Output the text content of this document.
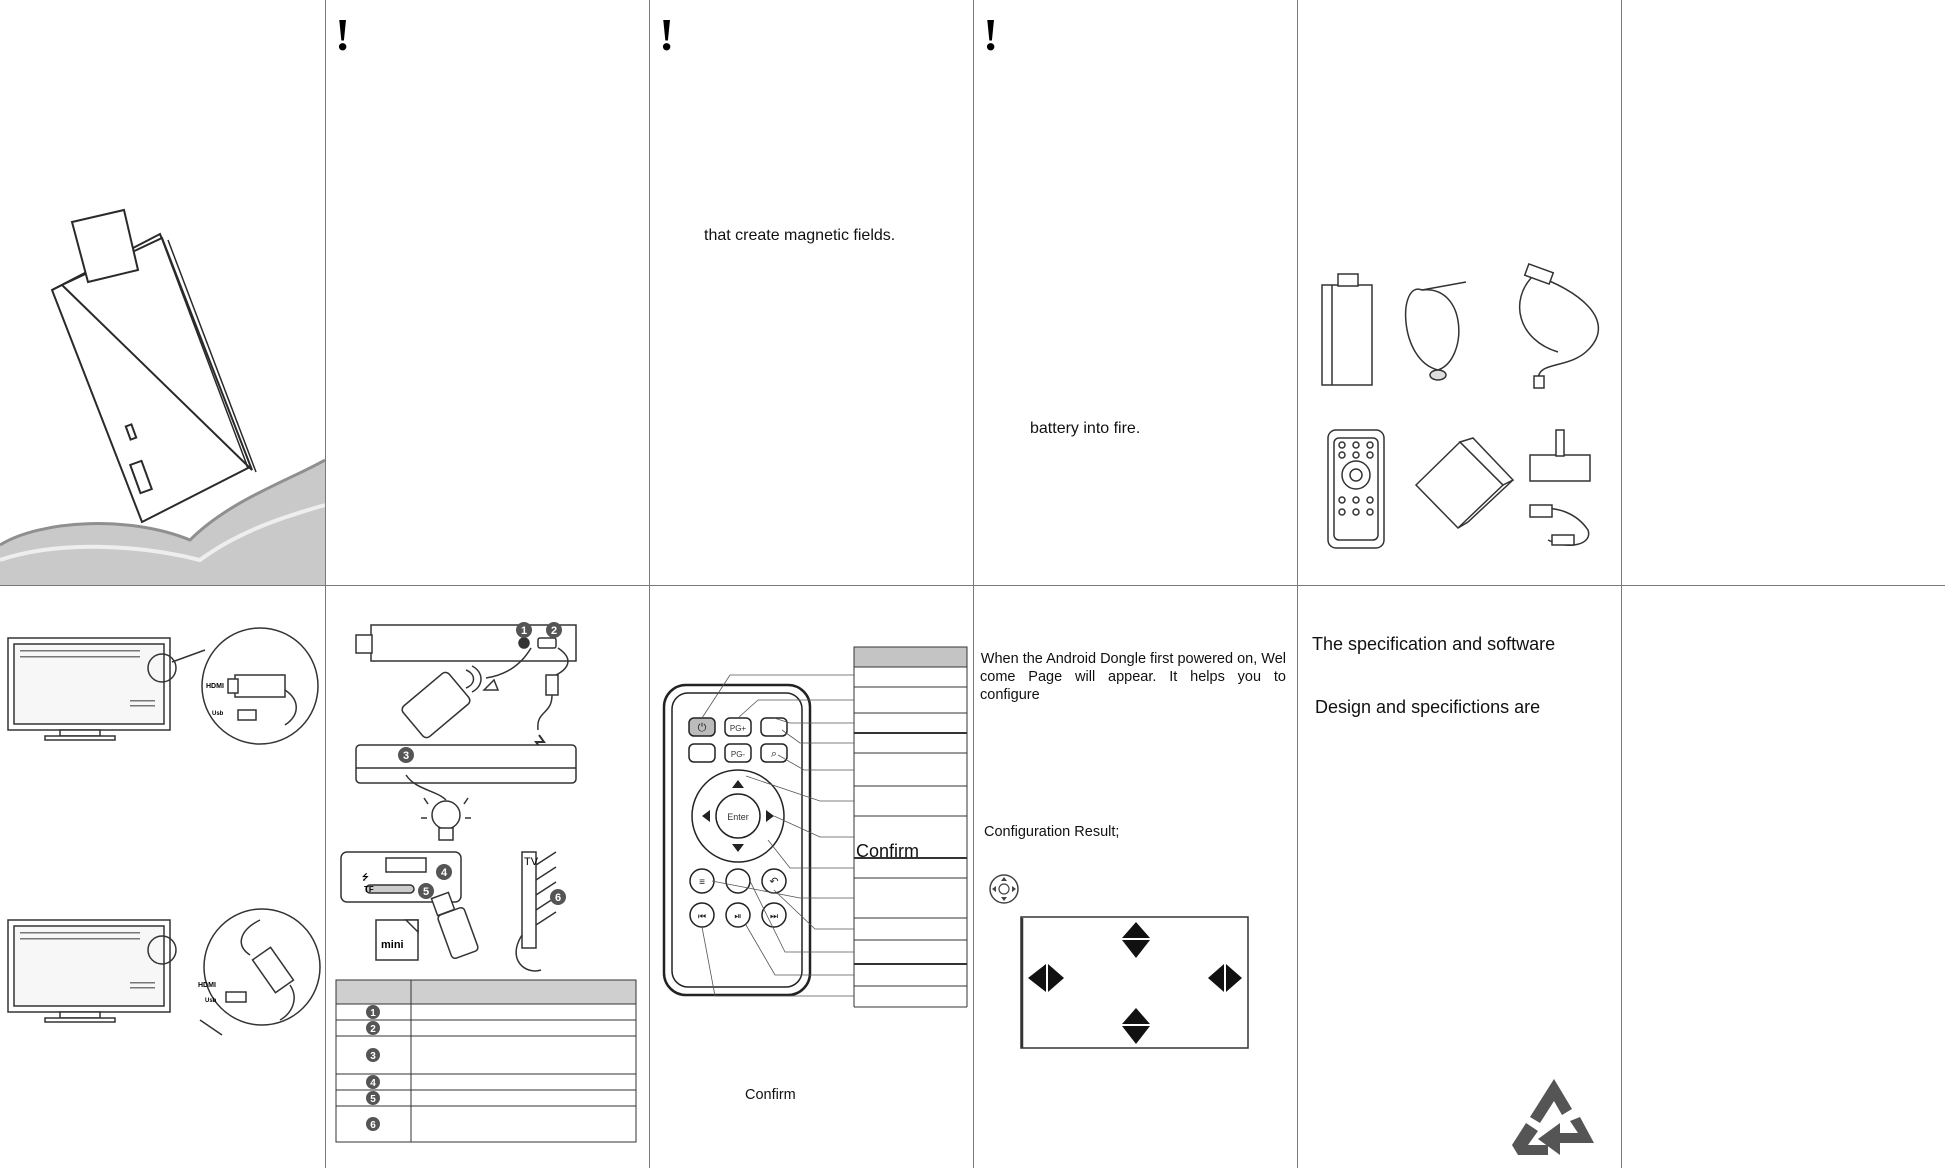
!	!
that create magnetic fields.
!
battery into fire.
HDMI
Usb
HDMI
Usb
1 2
3
4
5	6
⭍
TF
mini
TV
1
2
3
4
5
6
Enter
PG+
PG-
⏻
⌕
≡	↶
⏮	⏯	⏭
Confirm
Confirm
When the Android Dongle first powered on, Wel
come Page will appear. It helps you to configure
Configuration Result;
The specification and software
Design and specifictions are
